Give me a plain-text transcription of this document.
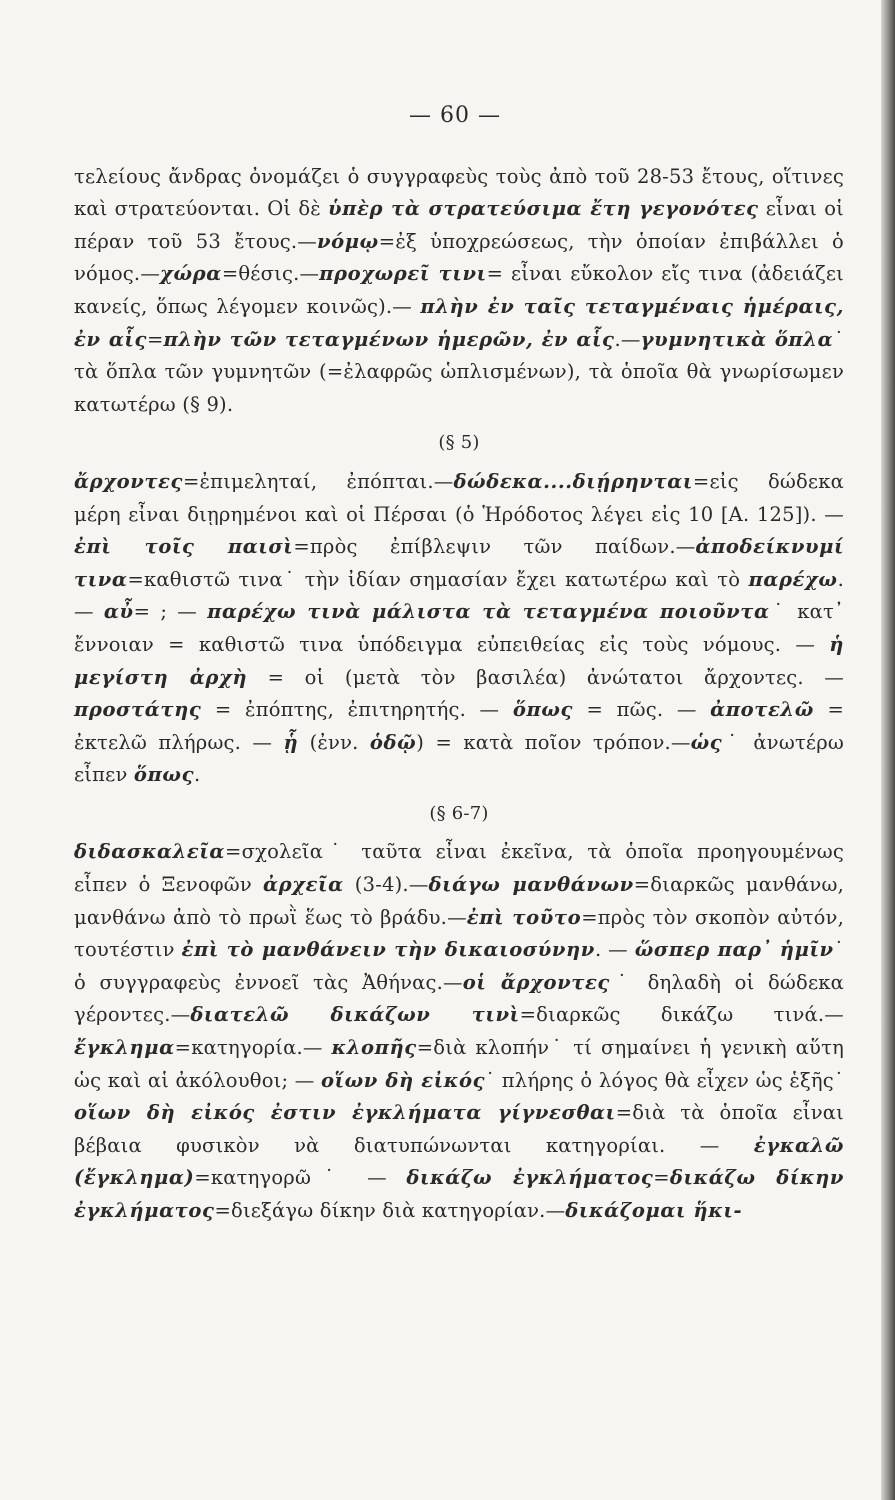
— 60 —

τελείους ἄνδρας ὀνομάζει ὁ συγγραφεὺς τοὺς ἀπὸ τοῦ 28-53 ἔτους, οἵτινες καὶ στρατεύονται. Οἱ δὲ ὑπὲρ τὰ στρατεύσιμα ἔτη γεγονότες εἶναι οἱ πέραν τοῦ 53 ἔτους.—νόμῳ=ἐξ ὑποχρεώσεως, τὴν ὁποίαν ἐπιβάλλει ὁ νόμος.—χώρα=θέσις.—προχωρεῖ τινι= εἶναι εὔκολον εἴς τινα (ἀδειάζει κανείς, ὅπως λέγομεν κοινῶς).— πλὴν ἐν ταῖς τεταγμέναις ἡμέραις, ἐν αἷς=πλὴν τῶν τεταγμένων ἡμερῶν, ἐν αἷς.—γυμνητικὰ ὅπλα˙ τὰ ὅπλα τῶν γυμνητῶν (=ἐλαφρῶς ὡπλισμένων), τὰ ὁποῖα θὰ γνωρίσωμεν κατωτέρω (§ 9).

(§ 5)

ἄρχοντες=ἐπιμεληταί, ἐπόπται.—δώδεκα....διῄρηνται=εἰς δώδεκα μέρη εἶναι διῃρημένοι καὶ οἱ Πέρσαι (ὁ Ἡρόδοτος λέγει εἰς 10 [Α. 125]). — ἐπὶ τοῖς παισὶ=πρὸς ἐπίβλεψιν τῶν παίδων.—ἀποδείκνυμί τινα=καθιστῶ τινα˙ τὴν ἰδίαν σημασίαν ἔχει κατωτέρω καὶ τὸ παρέχω. — αὖ= ; — παρέχω τινὰ μάλιστα τὰ τεταγμένα ποιοῦντα˙ κατ᾽ ἔννοιαν = καθιστῶ τινα ὑπόδειγμα εὐπειθείας εἰς τοὺς νόμους. — ἡ μεγίστη ἀρχὴ = οἱ (μετὰ τὸν βασιλέα) ἀνώτατοι ἄρχοντες. — προστάτης = ἐπόπτης, ἐπιτηρητής. — ὅπως = πῶς. — ἀποτελῶ = ἐκτελῶ πλήρως. — ᾗ (ἐνν. ὁδῷ) = κατὰ ποῖον τρόπον.—ὡς˙ ἀνωτέρω εἶπεν ὅπως.

(§ 6-7)

διδασκαλεῖα=σχολεῖα˙ ταῦτα εἶναι ἐκεῖνα, τὰ ὁποῖα προηγουμένως εἶπεν ὁ Ξενοφῶν ἀρχεῖα (3-4).—διάγω μανθάνων=διαρκῶς μανθάνω, μανθάνω ἀπὸ τὸ πρωῒ ἕως τὸ βράδυ.—ἐπὶ τοῦτο=πρὸς τὸν σκοπὸν αὐτόν, τουτέστιν ἐπὶ τὸ μανθάνειν τὴν δικαιοσύνην. — ὥσπερ παρ᾽ ἡμῖν˙ ὁ συγγραφεὺς ἐννοεῖ τὰς Ἀθήνας.—οἱ ἄρχοντες˙ δηλαδὴ οἱ δώδεκα γέροντες.—διατελῶ δικάζων τινὶ=διαρκῶς δικάζω τινά.—ἔγκλημα=κατηγορία.— κλοπῆς=διὰ κλοπήν˙ τί σημαίνει ἡ γενικὴ αὕτη ὡς καὶ αἱ ἀκόλουθοι; — οἵων δὴ εἰκός˙ πλήρης ὁ λόγος θὰ εἶχεν ὡς ἑξῆς˙ οἵων δὴ εἰκός ἐστιν ἐγκλήματα γίγνεσθαι=διὰ τὰ ὁποῖα εἶναι βέβαια φυσικὸν νὰ διατυπώνωνται κατηγορίαι. — ἐγκαλῶ (ἔγκλημα)=κατηγορῶ˙ — δικάζω ἐγκλήματος=δικάζω δίκην ἐγκλήματος=διεξάγω δίκην διὰ κατηγορίαν.—δικάζομαι ἥκι-
